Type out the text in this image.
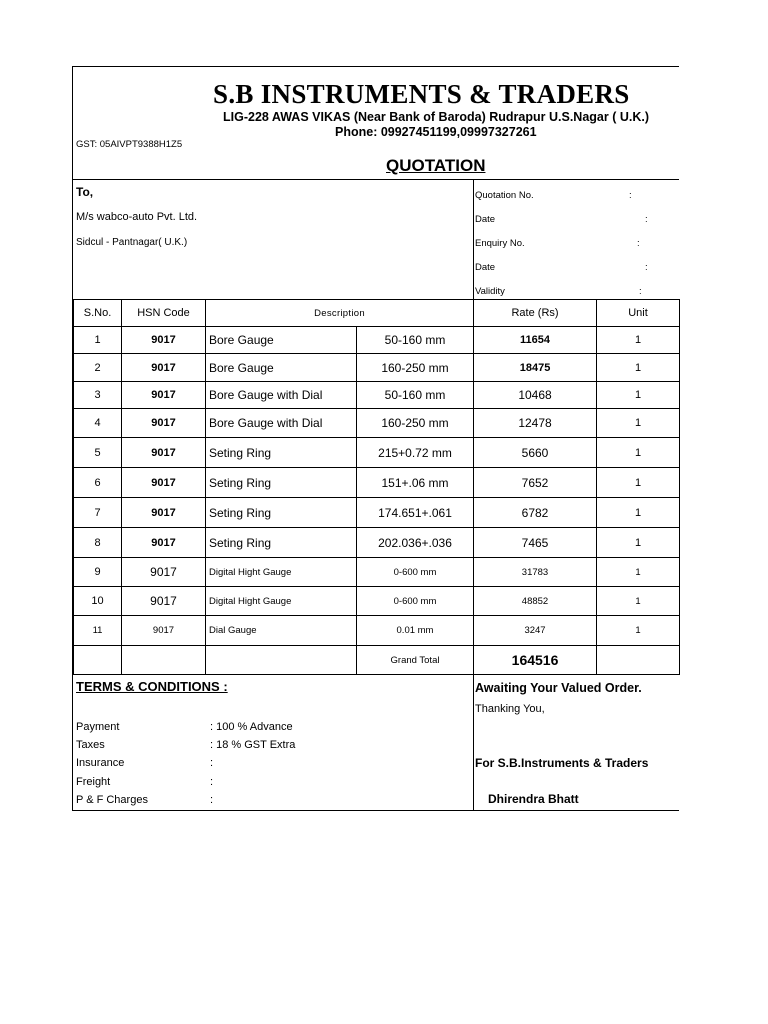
S.B INSTRUMENTS & TRADERS
LIG-228 AWAS VIKAS (Near Bank of Baroda) Rudrapur U.S.Nagar ( U.K.)
Phone: 09927451199,09997327261
GST: 05AIVPT9388H1Z5
QUOTATION
To,
M/s wabco-auto Pvt. Ltd.
Sidcul - Pantnagar( U.K.)
Quotation No.	:
Date	:
Enquiry No.	:
Date	:
Validity	:
S.No.	HSN Code	Description		Rate (Rs)	Unit
1	9017	Bore Gauge	50-160 mm	11654	1
2	9017	Bore Gauge	160-250 mm	18475	1
3	9017	Bore Gauge with Dial	50-160 mm	10468	1
4	9017	Bore Gauge with Dial	160-250 mm	12478	1
5	9017	Seting Ring	215+0.72 mm	5660	1
6	9017	Seting Ring	151+.06 mm	7652	1
7	9017	Seting Ring	174.651+.061	6782	1
8	9017	Seting Ring	202.036+.036	7465	1
9	9017	Digital Hight Gauge	0-600 mm	31783	1
10	9017	Digital Hight Gauge	0-600 mm	48852	1
11	9017	Dial Gauge	0.01 mm	3247	1
			Grand Total	164516	
TERMS & CONDITIONS :
Payment	: 100 % Advance
Taxes	: 18 % GST Extra
Insurance	:
Freight	:
P & F Charges	:
Awaiting Your Valued Order.
Thanking You,
For S.B.Instruments & Traders
Dhirendra Bhatt
